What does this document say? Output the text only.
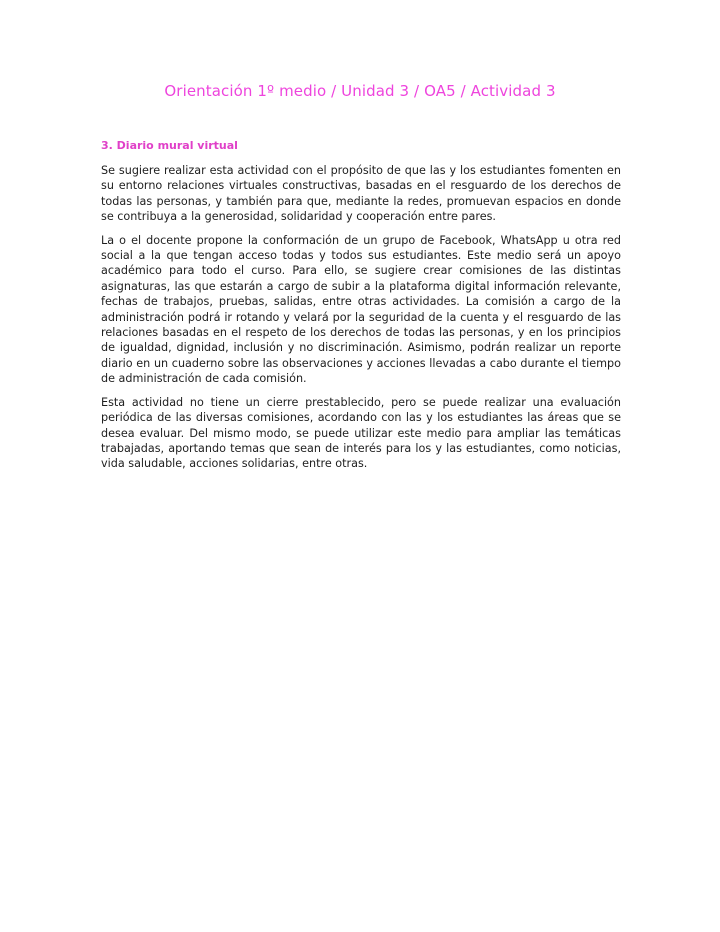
Orientación 1º medio / Unidad 3 / OA5 / Actividad 3
3. Diario mural virtual

Se sugiere realizar esta actividad con el propósito de que las y los estudiantes fomenten en su entorno relaciones virtuales constructivas, basadas en el resguardo de los derechos de todas las personas, y también para que, mediante la redes, promuevan espacios en donde se contribuya a la generosidad, solidaridad y cooperación entre pares.

La o el docente propone la conformación de un grupo de Facebook, WhatsApp u otra red social a la que tengan acceso todas y todos sus estudiantes. Este medio será un apoyo académico para todo el curso. Para ello, se sugiere crear comisiones de las distintas asignaturas, las que estarán a cargo de subir a la plataforma digital información relevante, fechas de trabajos, pruebas, salidas, entre otras actividades. La comisión a cargo de la administración podrá ir rotando y velará por la seguridad de la cuenta y el resguardo de las relaciones basadas en el respeto de los derechos de todas las personas, y en los principios de igualdad, dignidad, inclusión y no discriminación. Asimismo, podrán realizar un reporte diario en un cuaderno sobre las observaciones y acciones llevadas a cabo durante el tiempo de administración de cada comisión.

Esta actividad no tiene un cierre prestablecido, pero se puede realizar una evaluación periódica de las diversas comisiones, acordando con las y los estudiantes las áreas que se desea evaluar. Del mismo modo, se puede utilizar este medio para ampliar las temáticas trabajadas, aportando temas que sean de interés para los y las estudiantes, como noticias, vida saludable, acciones solidarias, entre otras.
